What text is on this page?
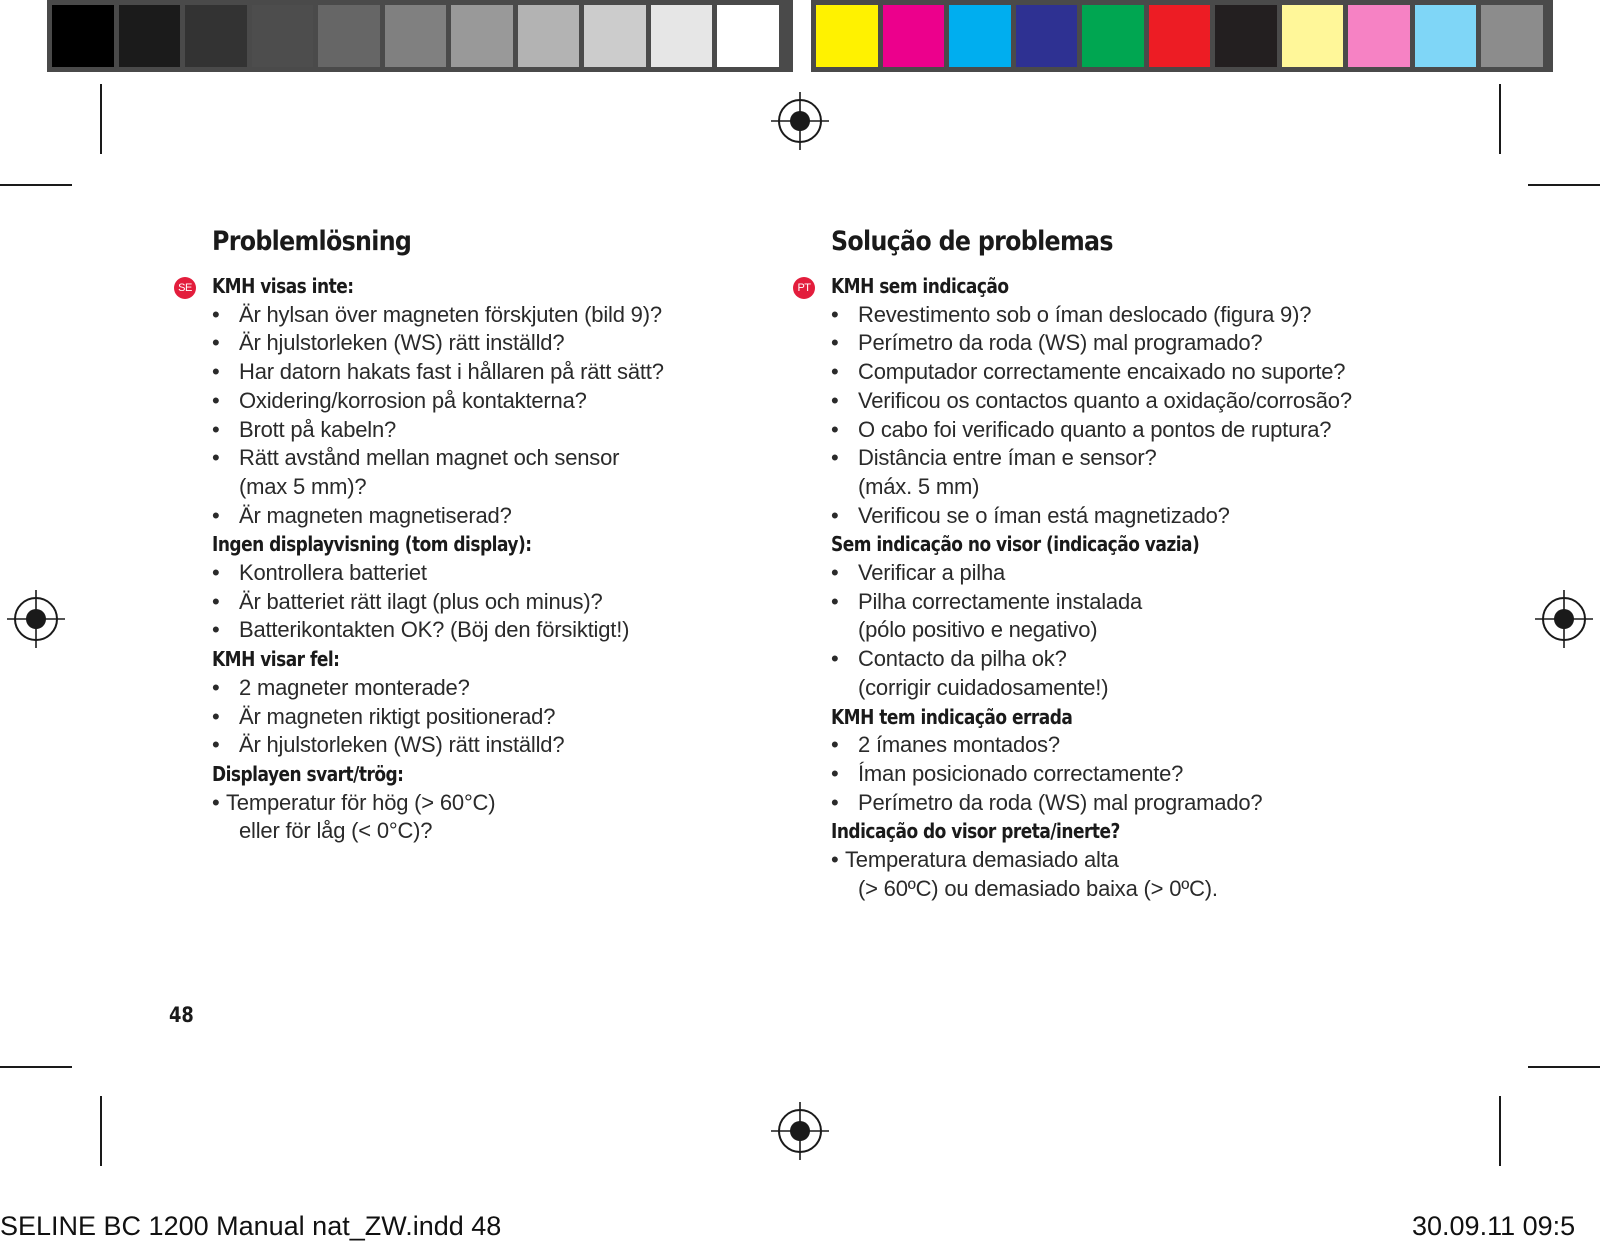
Problemlösning
SE KMH visas inte:
• Är hylsan över magneten förskjuten (bild 9)?
• Är hjulstorleken (WS) rätt inställd?
• Har datorn hakats fast i hållaren på rätt sätt?
• Oxidering/korrosion på kontakterna?
• Brott på kabeln?
• Rätt avstånd mellan magnet och sensor
(max 5 mm)?
• Är magneten magnetiserad?
Ingen displayvisning (tom display):
• Kontrollera batteriet
• Är batteriet rätt ilagt (plus och minus)?
• Batterikontakten OK? (Böj den försiktigt!)
KMH visar fel:
• 2 magneter monterade?
• Är magneten riktigt positionerad?
• Är hjulstorleken (WS) rätt inställd?
Displayen svart/trög:
• Temperatur för hög (> 60°C)
eller för låg (< 0°C)?
Solução de problemas
PT KMH sem indicação
• Revestimento sob o íman deslocado (figura 9)?
• Perímetro da roda (WS) mal programado?
• Computador correctamente encaixado no suporte?
• Verificou os contactos quanto a oxidação/corrosão?
• O cabo foi verificado quanto a pontos de ruptura?
• Distância entre íman e sensor?
(máx. 5 mm)
• Verificou se o íman está magnetizado?
Sem indicação no visor (indicação vazia)
• Verificar a pilha
• Pilha correctamente instalada
(pólo positivo e negativo)
• Contacto da pilha ok?
(corrigir cuidadosamente!)
KMH tem indicação errada
• 2 ímanes montados?
• Íman posicionado correctamente?
• Perímetro da roda (WS) mal programado?
Indicação do visor preta/inerte?
• Temperatura demasiado alta
(> 60ºC) ou demasiado baixa (> 0ºC).
48
SELINE BC 1200 Manual nat_ZW.indd 48	30.09.11 09:5
